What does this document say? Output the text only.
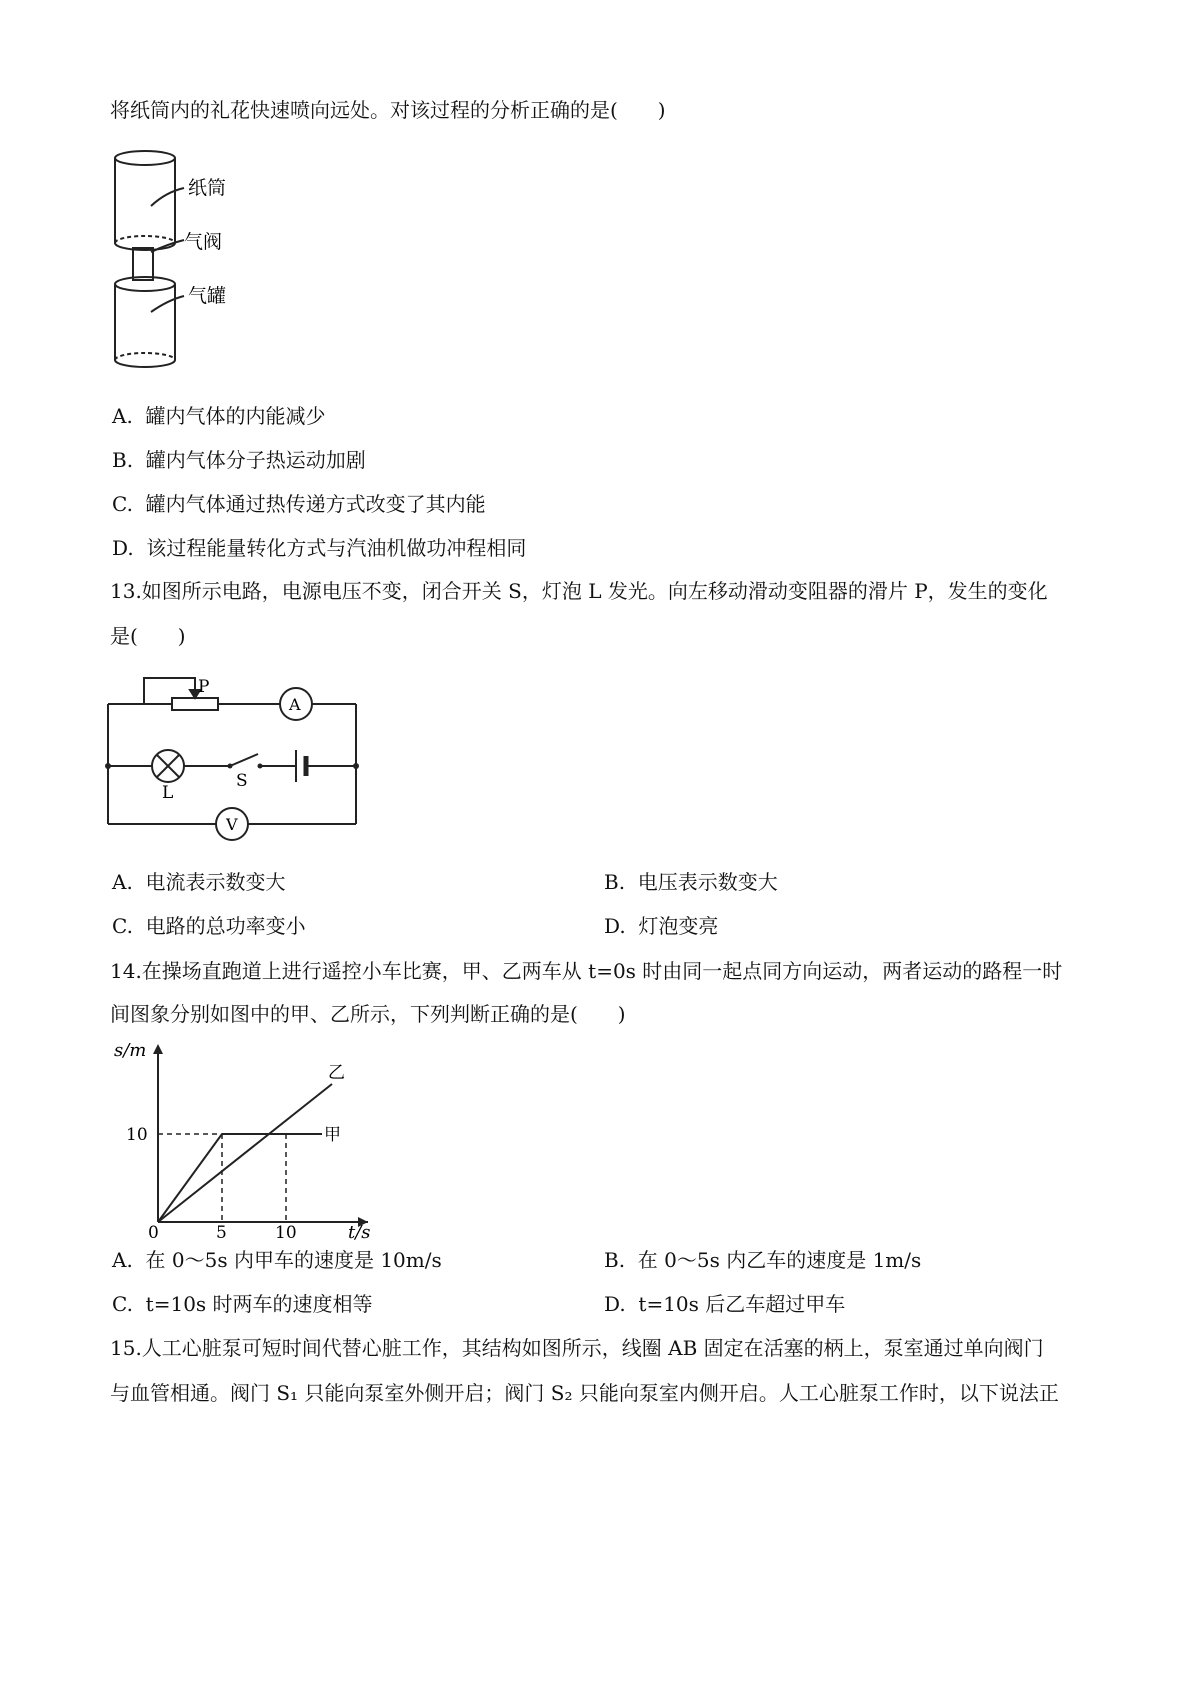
将纸筒内的礼花快速喷向远处。对该过程的分析正确的是(　　)
纸筒
气阀
气罐
A. 罐内气体的内能减少
B. 罐内气体分子热运动加剧
C. 罐内气体通过热传递方式改变了其内能
D. 该过程能量转化方式与汽油机做功冲程相同
13.如图所示电路，电源电压不变，闭合开关 S，灯泡 L 发光。向左移动滑动变阻器的滑片 P，发生的变化
是(　　)
P
A
L
S
V
A. 电流表示数变大	B. 电压表示数变大
C. 电路的总功率变小	D. 灯泡变亮
14.在操场直跑道上进行遥控小车比赛，甲、乙两车从 t=0s 时由同一起点同方向运动，两者运动的路程一时
间图象分别如图中的甲、乙所示，下列判断正确的是(　　)
s/m
t/s
0	5	10
10	甲
乙
A. 在 0～5s 内甲车的速度是 10m/s	B. 在 0～5s 内乙车的速度是 1m/s
C. t=10s 时两车的速度相等	D. t=10s 后乙车超过甲车
15.人工心脏泵可短时间代替心脏工作，其结构如图所示，线圈 AB 固定在活塞的柄上，泵室通过单向阀门
与血管相通。阀门 S₁ 只能向泵室外侧开启；阀门 S₂ 只能向泵室内侧开启。人工心脏泵工作时，以下说法正
